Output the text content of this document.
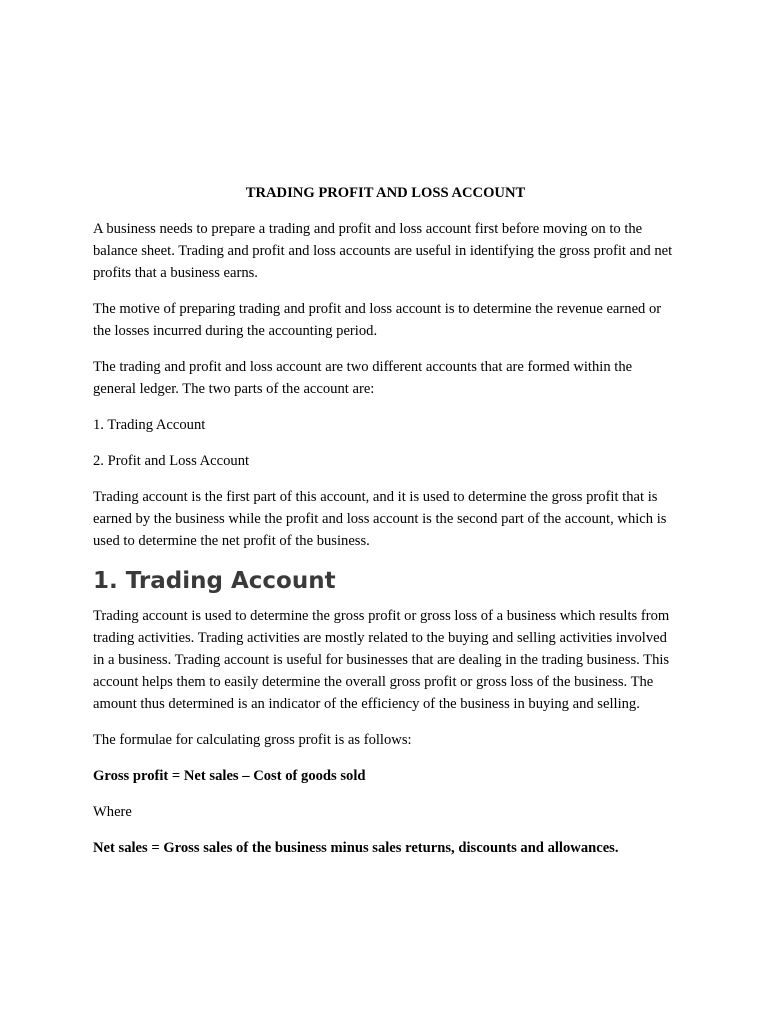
TRADING PROFIT AND LOSS ACCOUNT

A business needs to prepare a trading and profit and loss account first before moving on to the balance sheet. Trading and profit and loss accounts are useful in identifying the gross profit and net profits that a business earns.

The motive of preparing trading and profit and loss account is to determine the revenue earned or the losses incurred during the accounting period.

The trading and profit and loss account are two different accounts that are formed within the general ledger. The two parts of the account are:

1. Trading Account

2. Profit and Loss Account

Trading account is the first part of this account, and it is used to determine the gross profit that is earned by the business while the profit and loss account is the second part of the account, which is used to determine the net profit of the business.

1. Trading Account

Trading account is used to determine the gross profit or gross loss of a business which results from trading activities. Trading activities are mostly related to the buying and selling activities involved in a business. Trading account is useful for businesses that are dealing in the trading business. This account helps them to easily determine the overall gross profit or gross loss of the business. The amount thus determined is an indicator of the efficiency of the business in buying and selling.

The formulae for calculating gross profit is as follows:

Gross profit = Net sales – Cost of goods sold

Where

Net sales = Gross sales of the business minus sales returns, discounts and allowances.
